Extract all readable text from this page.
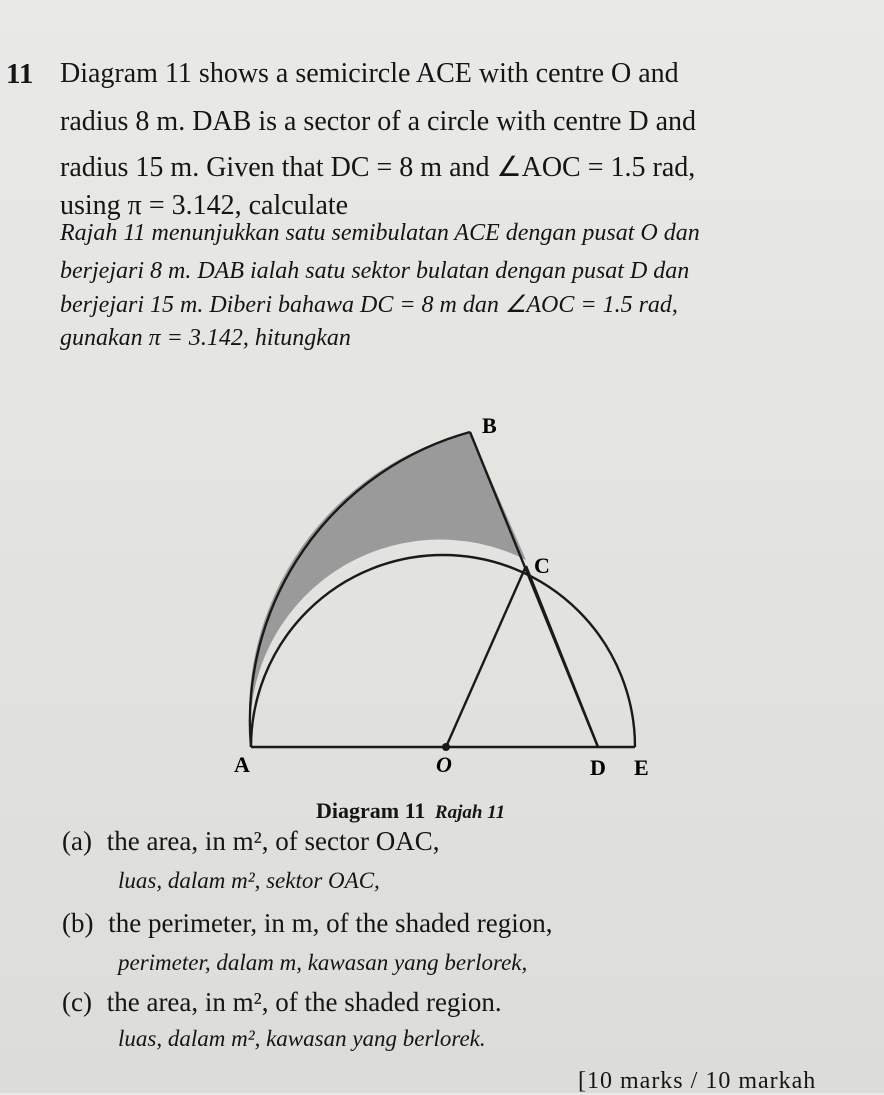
11 Diagram 11 shows a semicircle ACE with centre O and
radius 8 m. DAB is a sector of a circle with centre D and
radius 15 m. Given that DC = 8 m and ∠AOC = 1.5 rad,
using π = 3.142, calculate
Rajah 11 menunjukkan satu semibulatan ACE dengan pusat O dan
berjejari 8 m. DAB ialah satu sektor bulatan dengan pusat D dan
berjejari 15 m. Diberi bahawa DC = 8 m dan ∠AOC = 1.5 rad,
gunakan π = 3.142, hitungkan
B
C
A	O	D E
Diagram 11 Rajah 11
(a) the area, in m², of sector OAC,
luas, dalam m², sektor OAC,
(b) the perimeter, in m, of the shaded region,
perimeter, dalam m, kawasan yang berlorek,
(c) the area, in m², of the shaded region.
luas, dalam m², kawasan yang berlorek.
[10 marks / 10 markah
